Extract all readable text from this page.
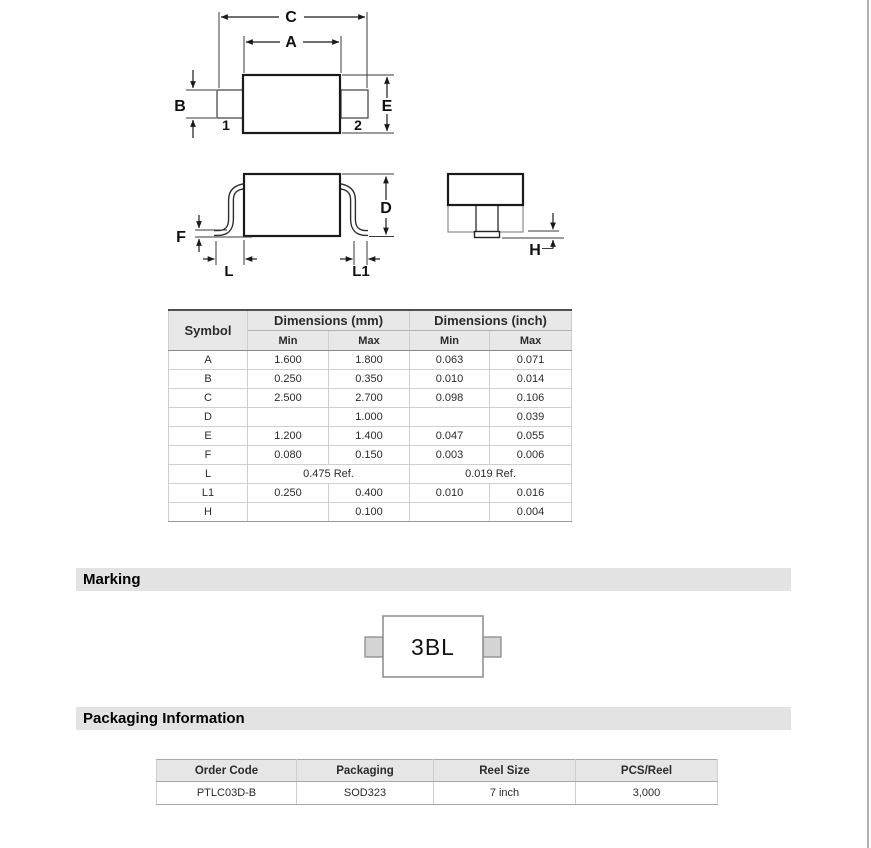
C
A
B	E
1	2
D
F
L	L1
H
3BL
Symbol	Dimensions (mm)		Dimensions (inch)	
	Min	Max	Min	Max
A	1.600	1.800	0.063	0.071
B	0.250	0.350	0.010	0.014
C	2.500	2.700	0.098	0.106
D		1.000		0.039
E	1.200	1.400	0.047	0.055
F	0.080	0.150	0.003	0.006
L	0.475 Ref.		0.019 Ref.	
L1	0.250	0.400	0.010	0.016
H		0.100		0.004
Marking
Packaging Information
Order Code	Packaging	Reel Size	PCS/Reel
PTLC03D-B	SOD323	7 inch	3,000
